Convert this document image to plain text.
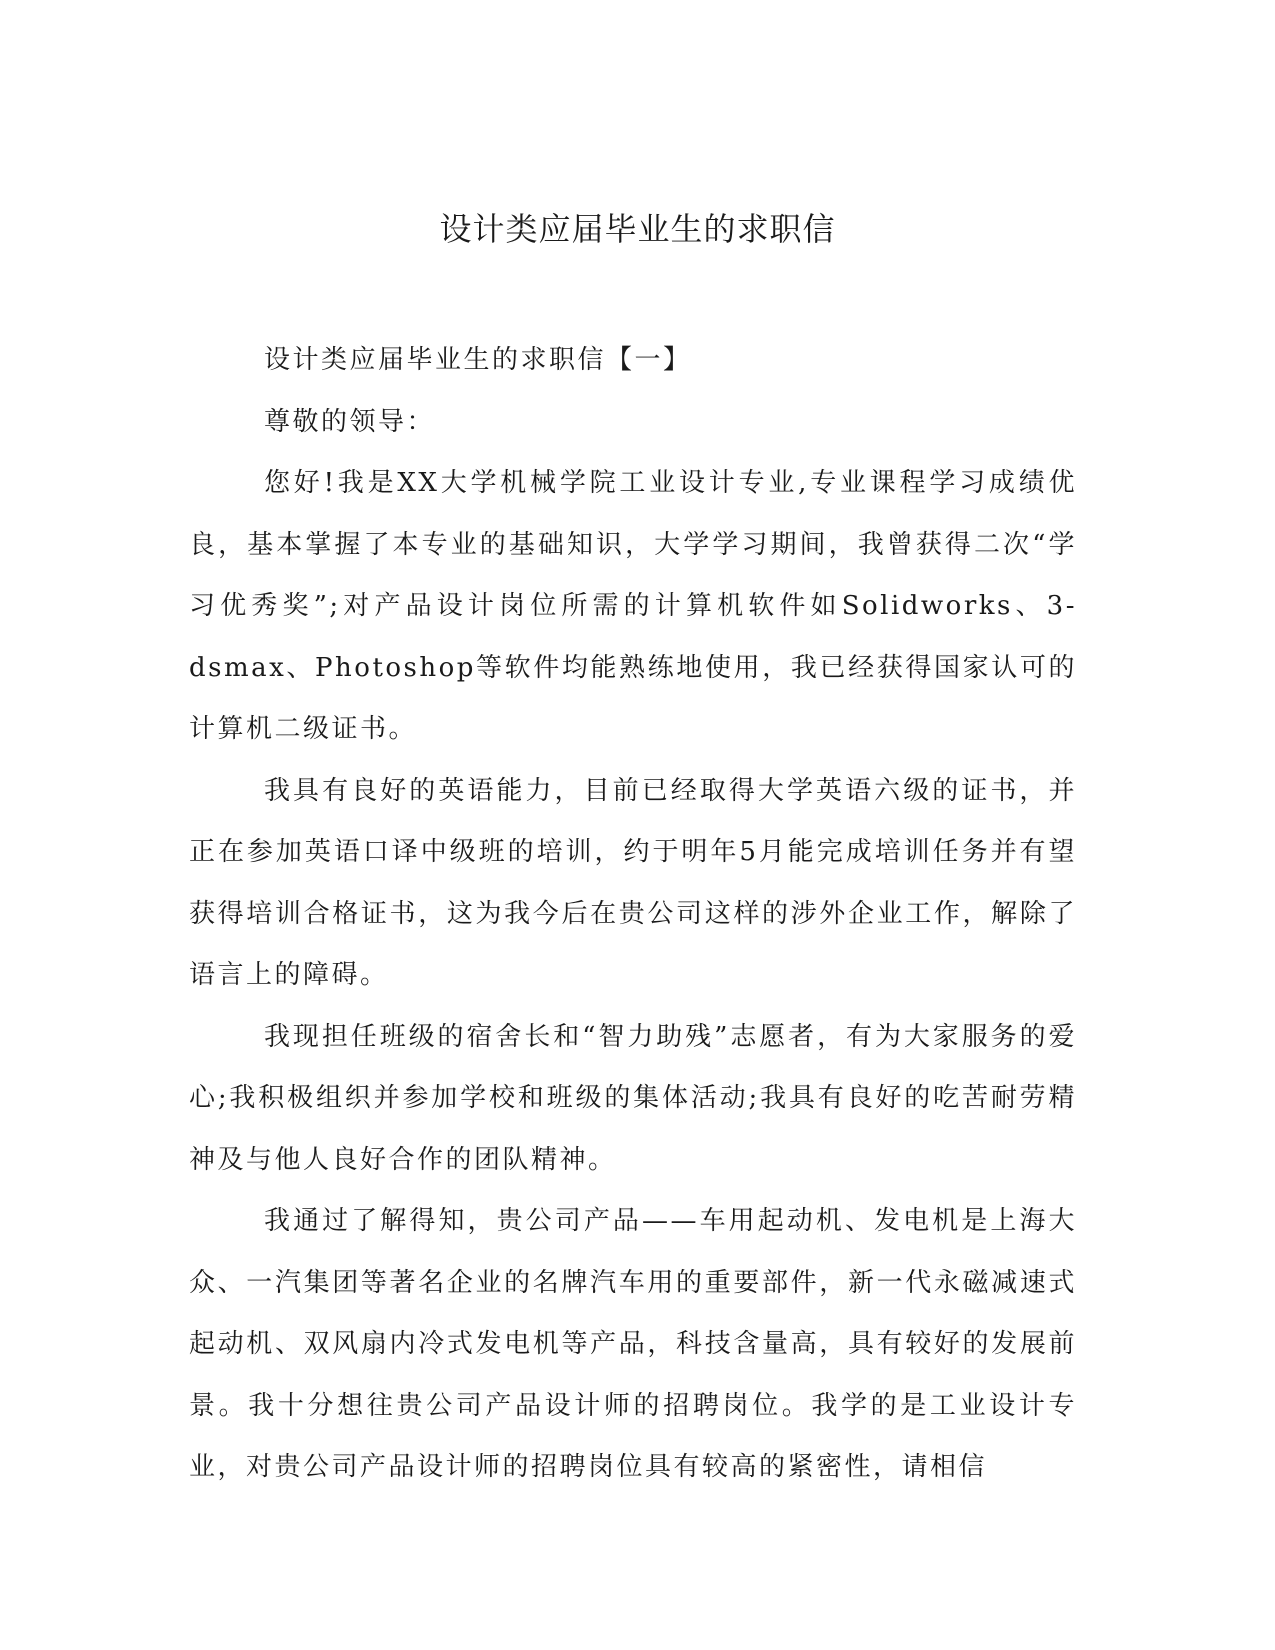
设计类应届毕业生的求职信

设计类应届毕业生的求职信【一】

尊敬的领导：

您好!我是XX大学机械学院工业设计专业,专业课程学习成绩优良，基本掌握了本专业的基础知识，大学学习期间，我曾获得二次“学习优秀奖”;对产品设计岗位所需的计算机软件如Solidworks、3-dsmax、Photoshop等软件均能熟练地使用，我已经获得国家认可的计算机二级证书。

我具有良好的英语能力，目前已经取得大学英语六级的证书，并正在参加英语口译中级班的培训，约于明年5月能完成培训任务并有望获得培训合格证书，这为我今后在贵公司这样的涉外企业工作，解除了语言上的障碍。

我现担任班级的宿舍长和“智力助残”志愿者，有为大家服务的爱心;我积极组织并参加学校和班级的集体活动;我具有良好的吃苦耐劳精神及与他人良好合作的团队精神。

我通过了解得知，贵公司产品——车用起动机、发电机是上海大众、一汽集团等著名企业的名牌汽车用的重要部件，新一代永磁减速式起动机、双风扇内冷式发电机等产品，科技含量高，具有较好的发展前景。我十分想往贵公司产品设计师的招聘岗位。我学的是工业设计专业，对贵公司产品设计师的招聘岗位具有较高的紧密性，请相信
